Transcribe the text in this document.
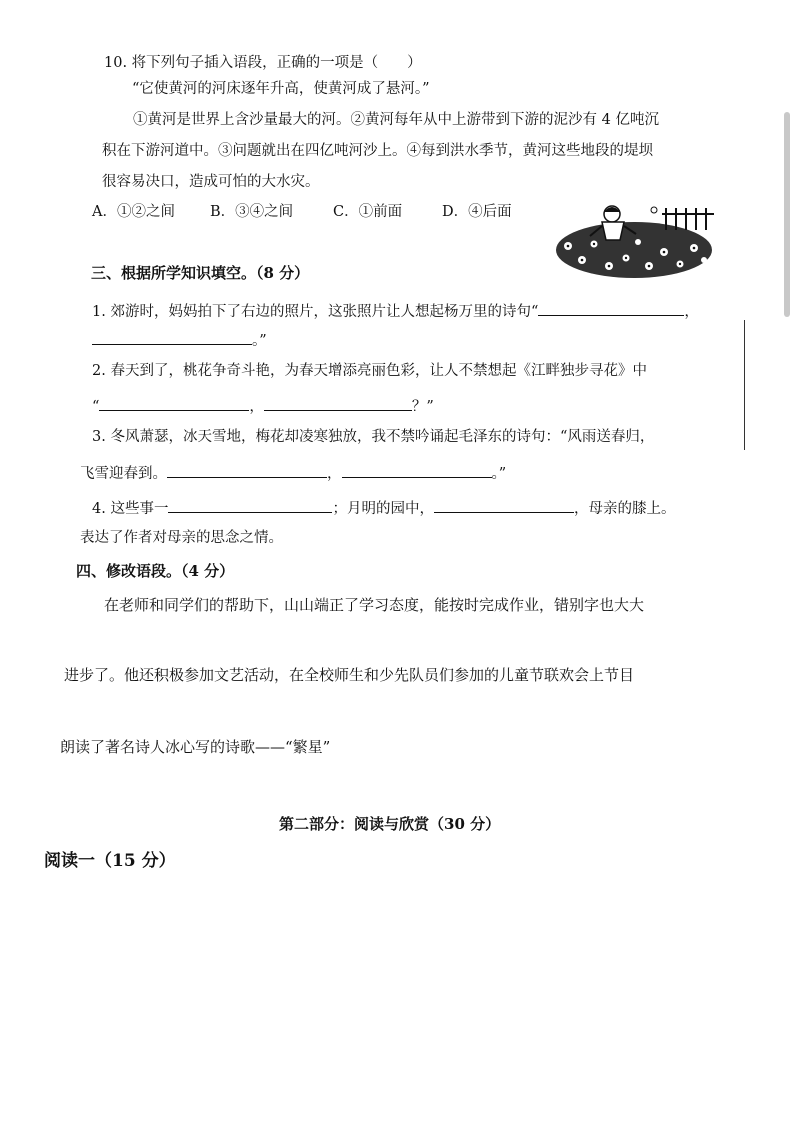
10. 将下列句子插入语段，正确的一项是（　　）
“它使黄河的河床逐年升高，使黄河成了悬河。”
①黄河是世界上含沙量最大的河。②黄河每年从中上游带到下游的泥沙有 4 亿吨沉
积在下游河道中。③问题就出在四亿吨河沙上。④每到洪水季节，黄河这些地段的堤坝
很容易决口，造成可怕的大水灾。
A．①②之间 B．③④之间	C．①前面	D．④后面
三、根据所学知识填空。（8 分）
1. 郊游时，妈妈拍下了右边的照片，这张照片让人想起杨万里的诗句“	，
。”
2. 春天到了，桃花争奇斗艳，为春天增添亮丽色彩，让人不禁想起《江畔独步寻花》中
“	，	？”
3. 冬风萧瑟，冰天雪地，梅花却凌寒独放，我不禁吟诵起毛泽东的诗句：“风雨送春归，
飞雪迎春到。	，	。”
4. 这些事一	；月明的园中，	，母亲的膝上。
表达了作者对母亲的思念之情。
四、修改语段。（4 分）
在老师和同学们的帮助下，山山端正了学习态度，能按时完成作业，错别字也大大
进步了。他还积极参加文艺活动，在全校师生和少先队员们参加的儿童节联欢会上节目
朗读了著名诗人冰心写的诗歌——“繁星”
第二部分：阅读与欣赏（30 分）
阅读一（15 分）
